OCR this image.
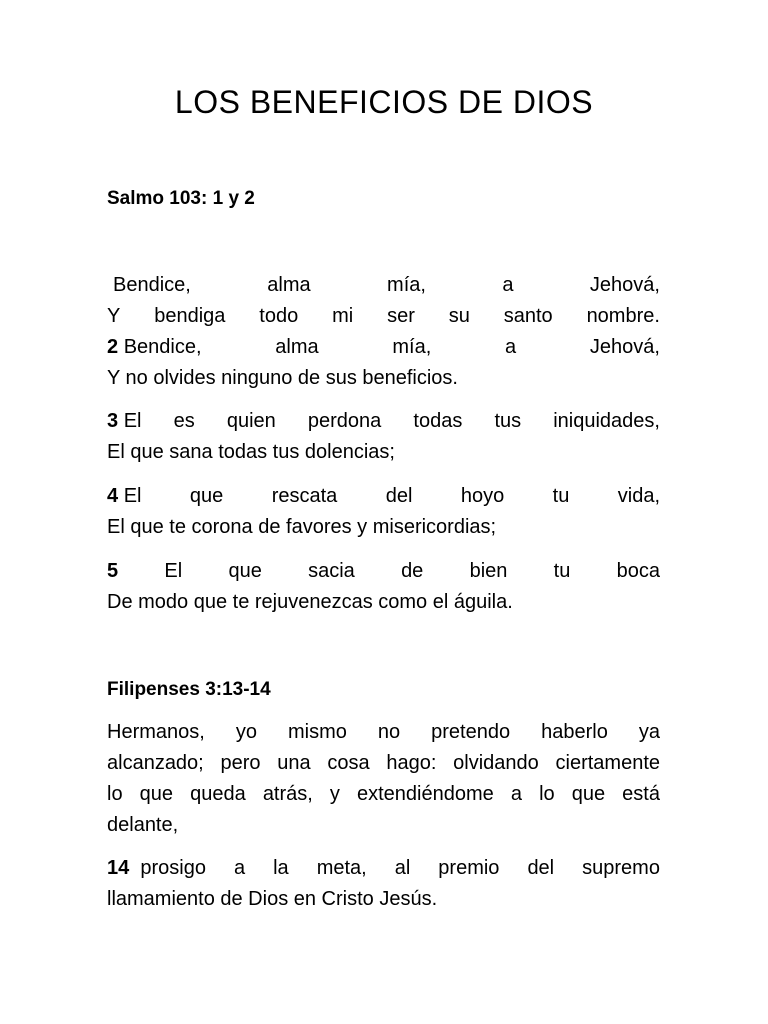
LOS BENEFICIOS DE DIOS

Salmo 103: 1 y 2

Bendice,	alma	mía,	a	Jehová,
Y bendiga todo mi ser su santo nombre.
2 Bendice,	alma	mía,	a	Jehová,
Y no olvides ninguno de sus beneficios.
3 El es quien perdona todas tus iniquidades,
El que sana todas tus dolencias;
4 El que rescata del hoyo tu vida,
El que te corona de favores y misericordias;
5 El que sacia de bien tu boca
De modo que te rejuvenezcas como el águila.

Filipenses 3:13-14

Hermanos, yo mismo no pretendo haberlo ya
alcanzado; pero una cosa hago: olvidando ciertamente
lo que queda atrás, y extendiéndome a lo que está
delante,
14 prosigo a la meta, al premio del supremo
llamamiento de Dios en Cristo Jesús.
